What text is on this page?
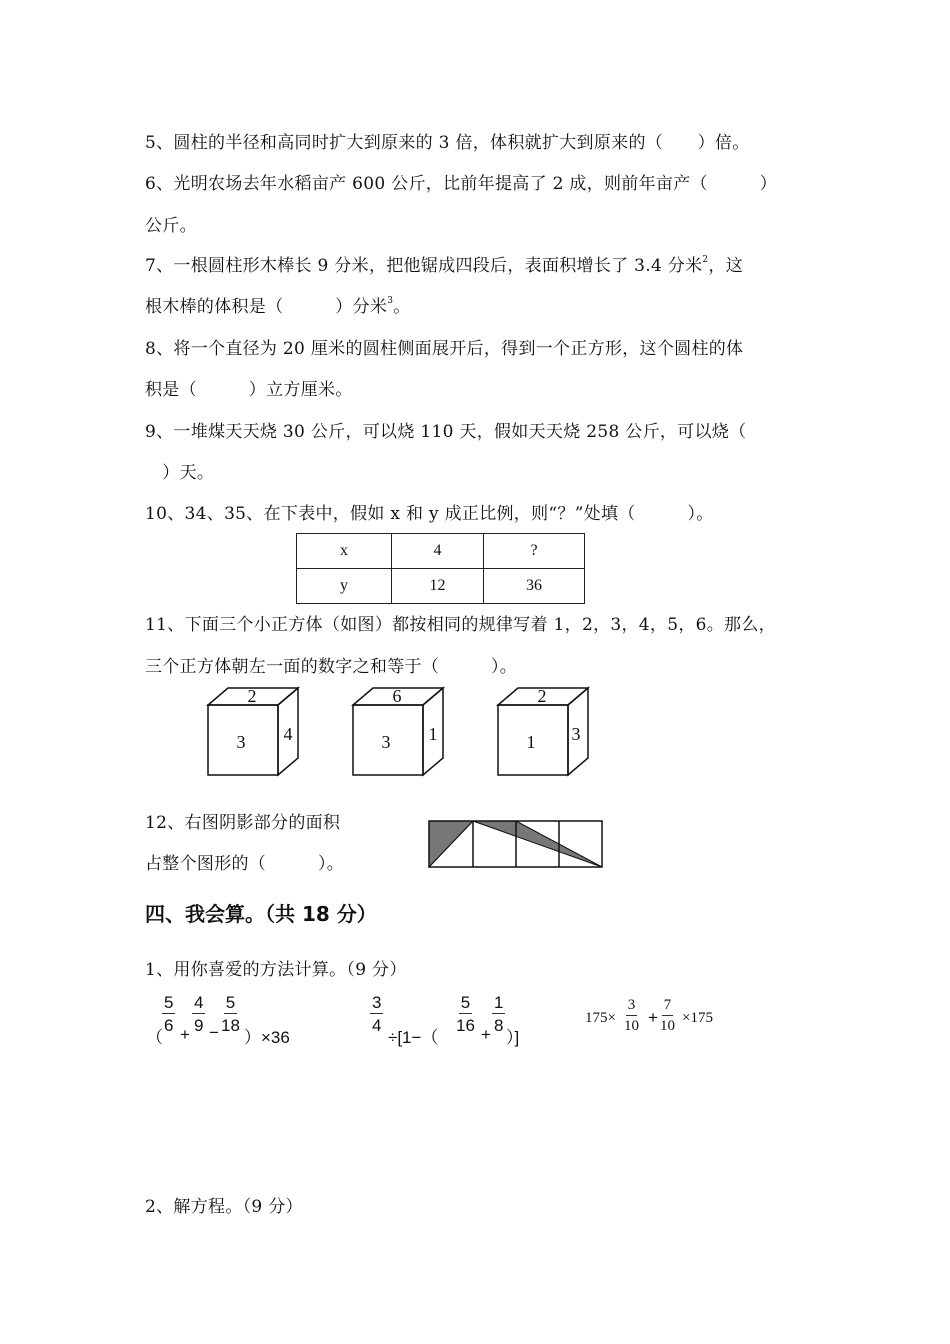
5、圆柱的半径和高同时扩大到原来的 3 倍，体积就扩大到原来的（　　）倍。
6、光明农场去年水稻亩产 600 公斤，比前年提高了 2 成，则前年亩产（　　　）
公斤。
7、一根圆柱形木棒长 9 分米，把他锯成四段后，表面积增长了 3.4 分米$^2$，这
根木棒的体积是（　　　）分米$^3$。
8、将一个直径为 20 厘米的圆柱侧面展开后，得到一个正方形，这个圆柱的体
积是（　　　）立方厘米。
9、一堆煤天天烧 30 公斤，可以烧 110 天，假如天天烧 258 公斤，可以烧（
　）天。
10、34、35、在下表中，假如 x 和 y 成正比例，则“？”处填（　　　）。
x	4	?
y	12	36
11、下面三个小正方体（如图）都按相同的规律写着 1，2，3，4，5，6。那么，
三个正方体朝左一面的数字之和等于（　　　）。
2
3 4
6
3 1
2
1 3
12、右图阴影部分的面积
占整个图形的（　　　）。
四、我会算。（共 18 分）
1、用你喜爱的方法计算。（9 分）
（
$\frac{5}{6}$
+
$\frac{4}{9} - \frac{5}{18}$
）×36
$\frac{3}{4}$
÷[1−（
$\frac{5}{16}$
+
$\frac{1}{8}$
）]
$175\times \frac{3}{10} + \frac{7}{10} \times 175$
2、解方程。（9 分）
